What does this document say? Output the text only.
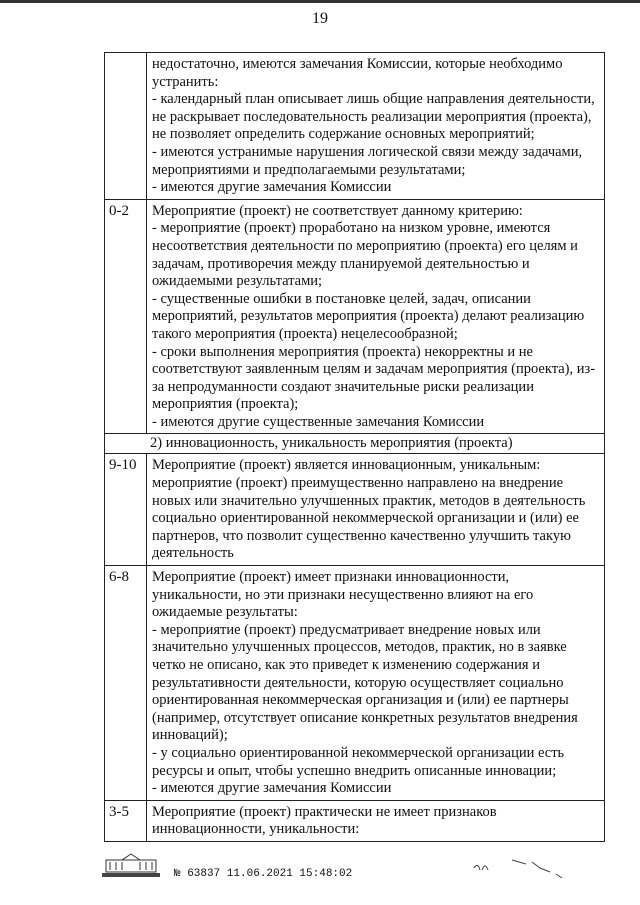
19

недостаточно, имеются замечания Комиссии, которые необходимо устранить:

- календарный план описывает лишь общие направления деятельности, не раскрывает последовательность реализации мероприятия (проекта), не позволяет определить содержание основных мероприятий;

- имеются устранимые нарушения логической связи между задачами, мероприятиями и предполагаемыми результатами;

- имеются другие замечания Комиссии

0-2	Мероприятие (проект) не соответствует данному критерию:

- мероприятие (проект) проработано на низком уровне, имеются несоответствия деятельности по мероприятию (проекта) его целям и задачам, противоречия между планируемой деятельностью и ожидаемыми результатами;

- существенные ошибки в постановке целей, задач, описании мероприятий, результатов мероприятия (проекта) делают реализацию такого мероприятия (проекта) нецелесообразной;

- сроки выполнения мероприятия (проекта) некорректны и не соответствуют заявленным целям и задачам мероприятия (проекта), из-за непродуманности создают значительные риски реализации мероприятия (проекта);

- имеются другие существенные замечания Комиссии

2) инновационность, уникальность мероприятия (проекта)
9-10	Мероприятие (проект) является инновационным, уникальным: мероприятие (проект) преимущественно направлено на внедрение новых или значительно улучшенных практик, методов в деятельность социально ориентированной некоммерческой организации и (или) ее партнеров, что позволит существенно качественно улучшить такую деятельность

6-8	Мероприятие (проект) имеет признаки инновационности, уникальности, но эти признаки несущественно влияют на его ожидаемые результаты:

- мероприятие (проект) предусматривает внедрение новых или значительно улучшенных процессов, методов, практик, но в заявке четко не описано, как это приведет к изменению содержания и результативности деятельности, которую осуществляет социально ориентированная некоммерческая организация и (или) ее партнеры (например, отсутствует описание конкретных результатов внедрения инноваций);

- у социально ориентированной некоммерческой организации есть ресурсы и опыт, чтобы успешно внедрить описанные инновации;

- имеются другие замечания Комиссии

3-5	Мероприятие (проект) практически не имеет признаков инновационности, уникальности:

№ 63837 11.06.2021 15:48:02
